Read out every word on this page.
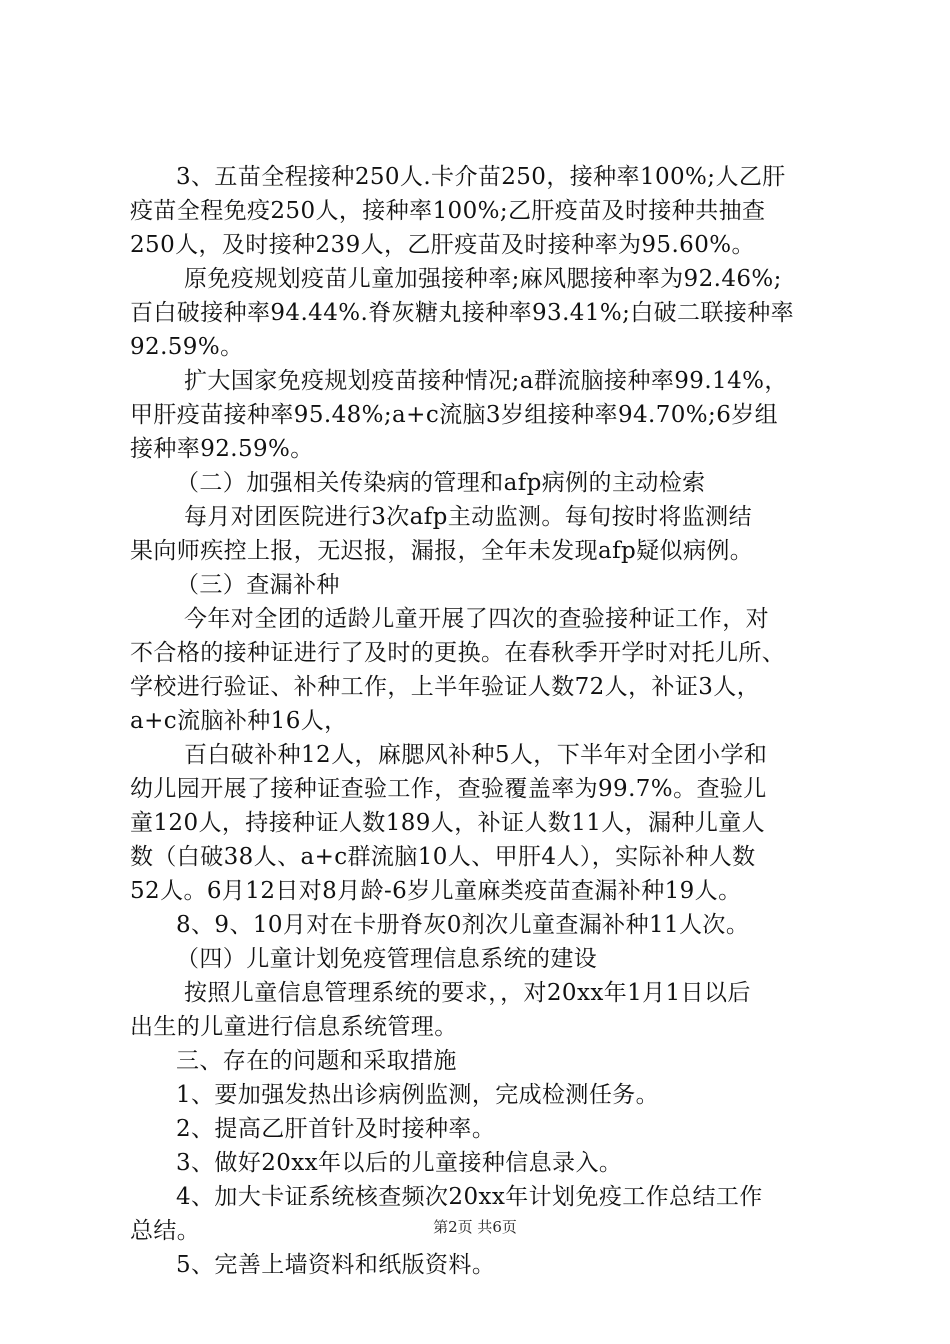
3、五苗全程接种250人.卡介苗250，接种率100%;人乙肝
疫苗全程免疫250人，接种率100%;乙肝疫苗及时接种共抽查
250人，及时接种239人，乙肝疫苗及时接种率为95.60%。
原免疫规划疫苗儿童加强接种率;麻风腮接种率为92.46%;
百白破接种率94.44%.脊灰糖丸接种率93.41%;白破二联接种率
92.59%。
扩大国家免疫规划疫苗接种情况;a群流脑接种率99.14%，
甲肝疫苗接种率95.48%;a+c流脑3岁组接种率94.70%;6岁组
接种率92.59%。
（二）加强相关传染病的管理和afp病例的主动检索
每月对团医院进行3次afp主动监测。每旬按时将监测结
果向师疾控上报，无迟报，漏报，全年未发现afp疑似病例。
（三）查漏补种
今年对全团的适龄儿童开展了四次的查验接种证工作，对
不合格的接种证进行了及时的更换。在春秋季开学时对托儿所、
学校进行验证、补种工作，上半年验证人数72人，补证3人，
a+c流脑补种16人，
百白破补种12人，麻腮风补种5人，下半年对全团小学和
幼儿园开展了接种证查验工作，查验覆盖率为99.7%。查验儿
童120人，持接种证人数189人，补证人数11人，漏种儿童人
数（白破38人、a+c群流脑10人、甲肝4人），实际补种人数
52人。6月12日对8月龄-6岁儿童麻类疫苗查漏补种19人。
8、9、10月对在卡册脊灰0剂次儿童查漏补种11人次。
（四）儿童计划免疫管理信息系统的建设
按照儿童信息管理系统的要求，，对20xx年1月1日以后
出生的儿童进行信息系统管理。
三、存在的问题和采取措施
1、要加强发热出诊病例监测，完成检测任务。
2、提高乙肝首针及时接种率。
3、做好20xx年以后的儿童接种信息录入。
4、加大卡证系统核查频次20xx年计划免疫工作总结工作
总结。
5、完善上墙资料和纸版资料。
第2页 共6页
